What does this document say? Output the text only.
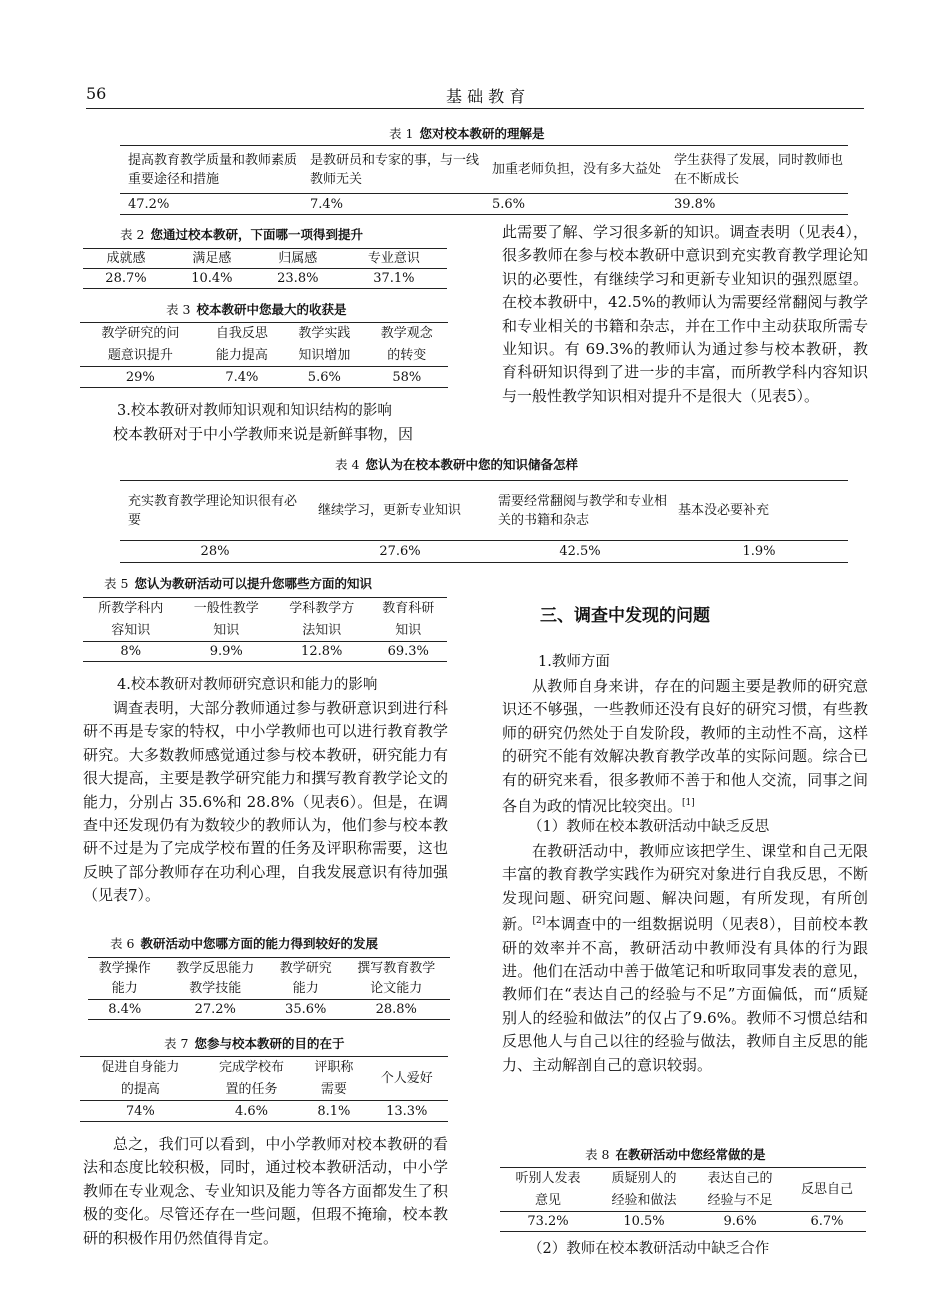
56	基 础 教 育
表 1 您对校本教研的理解是
提高教育教学质量和教师素质重要途径和措施	是教研员和专家的事，与一线教师无关	加重老师负担，没有多大益处	学生获得了发展，同时教师也在不断成长
47.2%	7.4%	5.6%	39.8%
表 2 您通过校本教研，下面哪一项得到提升
成就感	满足感	归属感	专业意识
28.7%	10.4%	23.8%	37.1%
表 3 校本教研中您最大的收获是
教学研究的问	自我反思	教学实践	教学观念
题意识提升	能力提高	知识增加	的转变
29%	7.4%	5.6%	58%
3.校本教研对教师知识观和知识结构的影响

校本教研对于中小学教师来说是新鲜事物，因

此需要了解、学习很多新的知识。调查表明（见表4），很多教师在参与校本教研中意识到充实教育教学理论知识的必要性，有继续学习和更新专业知识的强烈愿望。在校本教研中，42.5%的教师认为需要经常翻阅与教学和专业相关的书籍和杂志，并在工作中主动获取所需专业知识。有 69.3%的教师认为通过参与校本教研，教育科研知识得到了进一步的丰富，而所教学科内容知识与一般性教学知识相对提升不是很大（见表5）。

表 4 您认为在校本教研中您的知识储备怎样
充实教育教学理论知识很有必要	继续学习，更新专业知识	需要经常翻阅与教学和专业相关的书籍和杂志	基本没必要补充
28%	27.6%	42.5%	1.9%
表 5 您认为教研活动可以提升您哪些方面的知识
所教学科内	一般性教学	学科教学方	教育科研
容知识	知识	法知识	知识
8%	9.9%	12.8%	69.3%
4.校本教研对教师研究意识和能力的影响

调查表明，大部分教师通过参与教研意识到进行科研不再是专家的特权，中小学教师也可以进行教育教学研究。大多数教师感觉通过参与校本教研，研究能力有很大提高，主要是教学研究能力和撰写教育教学论文的能力，分别占 35.6%和 28.8%（见表6）。但是，在调查中还发现仍有为数较少的教师认为，他们参与校本教研不过是为了完成学校布置的任务及评职称需要，这也反映了部分教师存在功利心理，自我发展意识有待加强（见表7）。

表 6 教研活动中您哪方面的能力得到较好的发展
教学操作	教学反思能力	教学研究	撰写教育教学
能力	教学技能	能力	论文能力
8.4%	27.2%	35.6%	28.8%
表 7 您参与校本教研的目的在于
促进自身能力	完成学校布	评职称	个人爱好
的提高	置的任务	需要	
74%	4.6%	8.1%	13.3%

总之，我们可以看到，中小学教师对校本教研的看法和态度比较积极，同时，通过校本教研活动，中小学教师在专业观念、专业知识及能力等各方面都发生了积极的变化。尽管还存在一些问题，但瑕不掩瑜，校本教研的积极作用仍然值得肯定。

三、调查中发现的问题
1.教师方面

从教师自身来讲，存在的问题主要是教师的研究意识还不够强，一些教师还没有良好的研究习惯，有些教师的研究仍然处于自发阶段，教师的主动性不高，这样的研究不能有效解决教育教学改革的实际问题。综合已有的研究来看，很多教师不善于和他人交流，同事之间各自为政的情况比较突出。[1]

（1）教师在校本教研活动中缺乏反思

在教研活动中，教师应该把学生、课堂和自己无限丰富的教育教学实践作为研究对象进行自我反思，不断发现问题、研究问题、解决问题，有所发现，有所创新。[2]本调查中的一组数据说明（见表8），目前校本教研的效率并不高，教研活动中教师没有具体的行为跟进。他们在活动中善于做笔记和听取同事发表的意见，教师们在“表达自己的经验与不足”方面偏低，而“质疑别人的经验和做法”的仅占了9.6%。教师不习惯总结和反思他人与自己以往的经验与做法，教师自主反思的能力、主动解剖自己的意识较弱。

表 8 在教研活动中您经常做的是
听别人发表	质疑别人的	表达自己的	反思自己
意见	经验和做法	经验与不足	
73.2%	10.5%	9.6%	6.7%
（2）教师在校本教研活动中缺乏合作
